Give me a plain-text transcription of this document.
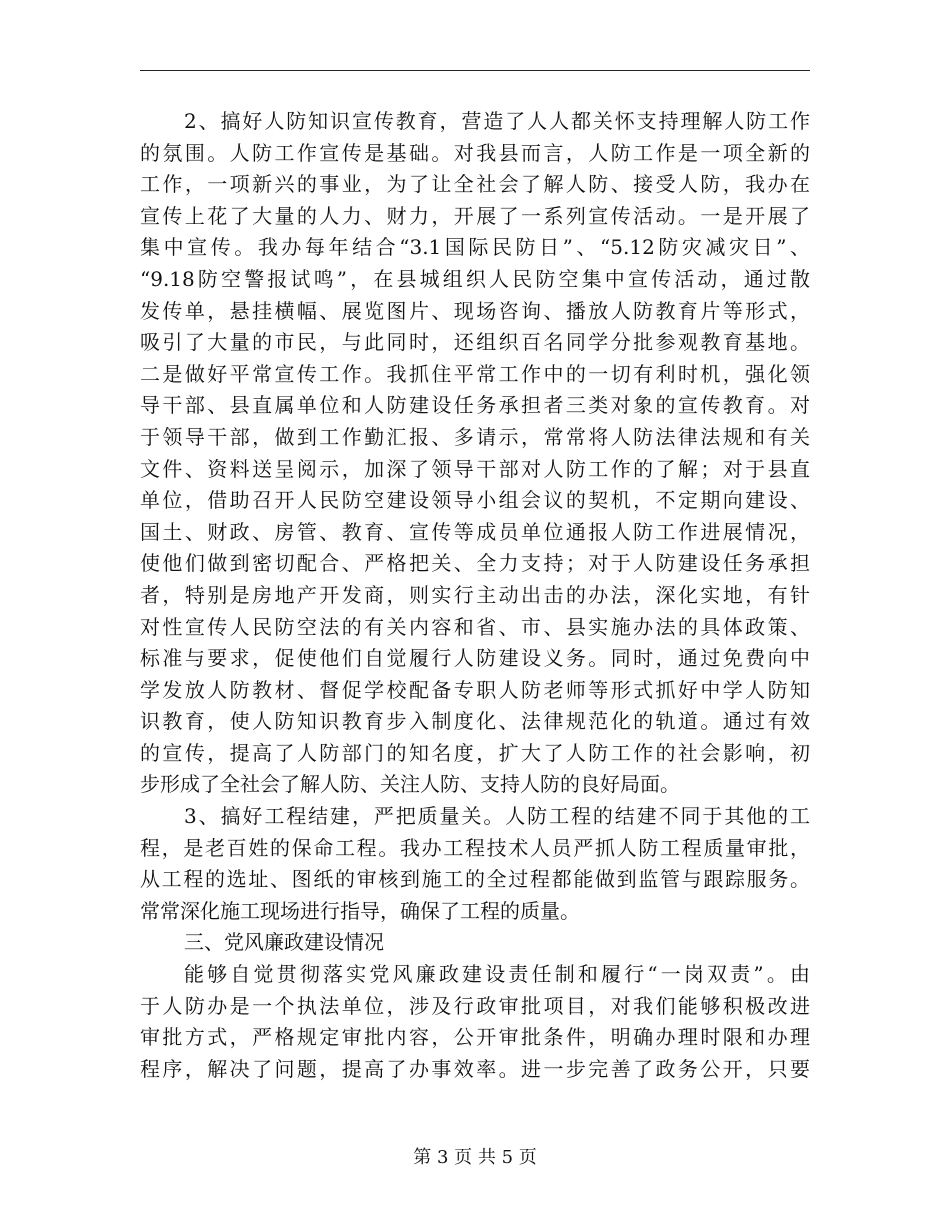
2、搞好人防知识宣传教育，营造了人人都关怀支持理解人防工作
的氛围。人防工作宣传是基础。对我县而言，人防工作是一项全新的
工作，一项新兴的事业，为了让全社会了解人防、接受人防，我办在
宣传上花了大量的人力、财力，开展了一系列宣传活动。一是开展了
集中宣传。我办每年结合“3.1国际民防日”、“5.12防灾减灾日”、
“9.18防空警报试鸣”，在县城组织人民防空集中宣传活动，通过散
发传单，悬挂横幅、展览图片、现场咨询、播放人防教育片等形式，
吸引了大量的市民，与此同时，还组织百名同学分批参观教育基地。
二是做好平常宣传工作。我抓住平常工作中的一切有利时机，强化领
导干部、县直属单位和人防建设任务承担者三类对象的宣传教育。对
于领导干部，做到工作勤汇报、多请示，常常将人防法律法规和有关
文件、资料送呈阅示，加深了领导干部对人防工作的了解；对于县直
单位，借助召开人民防空建设领导小组会议的契机，不定期向建设、
国土、财政、房管、教育、宣传等成员单位通报人防工作进展情况，
使他们做到密切配合、严格把关、全力支持；对于人防建设任务承担
者，特别是房地产开发商，则实行主动出击的办法，深化实地，有针
对性宣传人民防空法的有关内容和省、市、县实施办法的具体政策、
标准与要求，促使他们自觉履行人防建设义务。同时，通过免费向中
学发放人防教材、督促学校配备专职人防老师等形式抓好中学人防知
识教育，使人防知识教育步入制度化、法律规范化的轨道。通过有效
的宣传，提高了人防部门的知名度，扩大了人防工作的社会影响，初
步形成了全社会了解人防、关注人防、支持人防的良好局面。
3、搞好工程结建，严把质量关。人防工程的结建不同于其他的工
程，是老百姓的保命工程。我办工程技术人员严抓人防工程质量审批，
从工程的选址、图纸的审核到施工的全过程都能做到监管与跟踪服务。
常常深化施工现场进行指导，确保了工程的质量。
三、党风廉政建设情况
能够自觉贯彻落实党风廉政建设责任制和履行“一岗双责”。由
于人防办是一个执法单位，涉及行政审批项目，对我们能够积极改进
审批方式，严格规定审批内容，公开审批条件，明确办理时限和办理
程序，解决了问题，提高了办事效率。进一步完善了政务公开，只要
第 3 页 共 5 页
